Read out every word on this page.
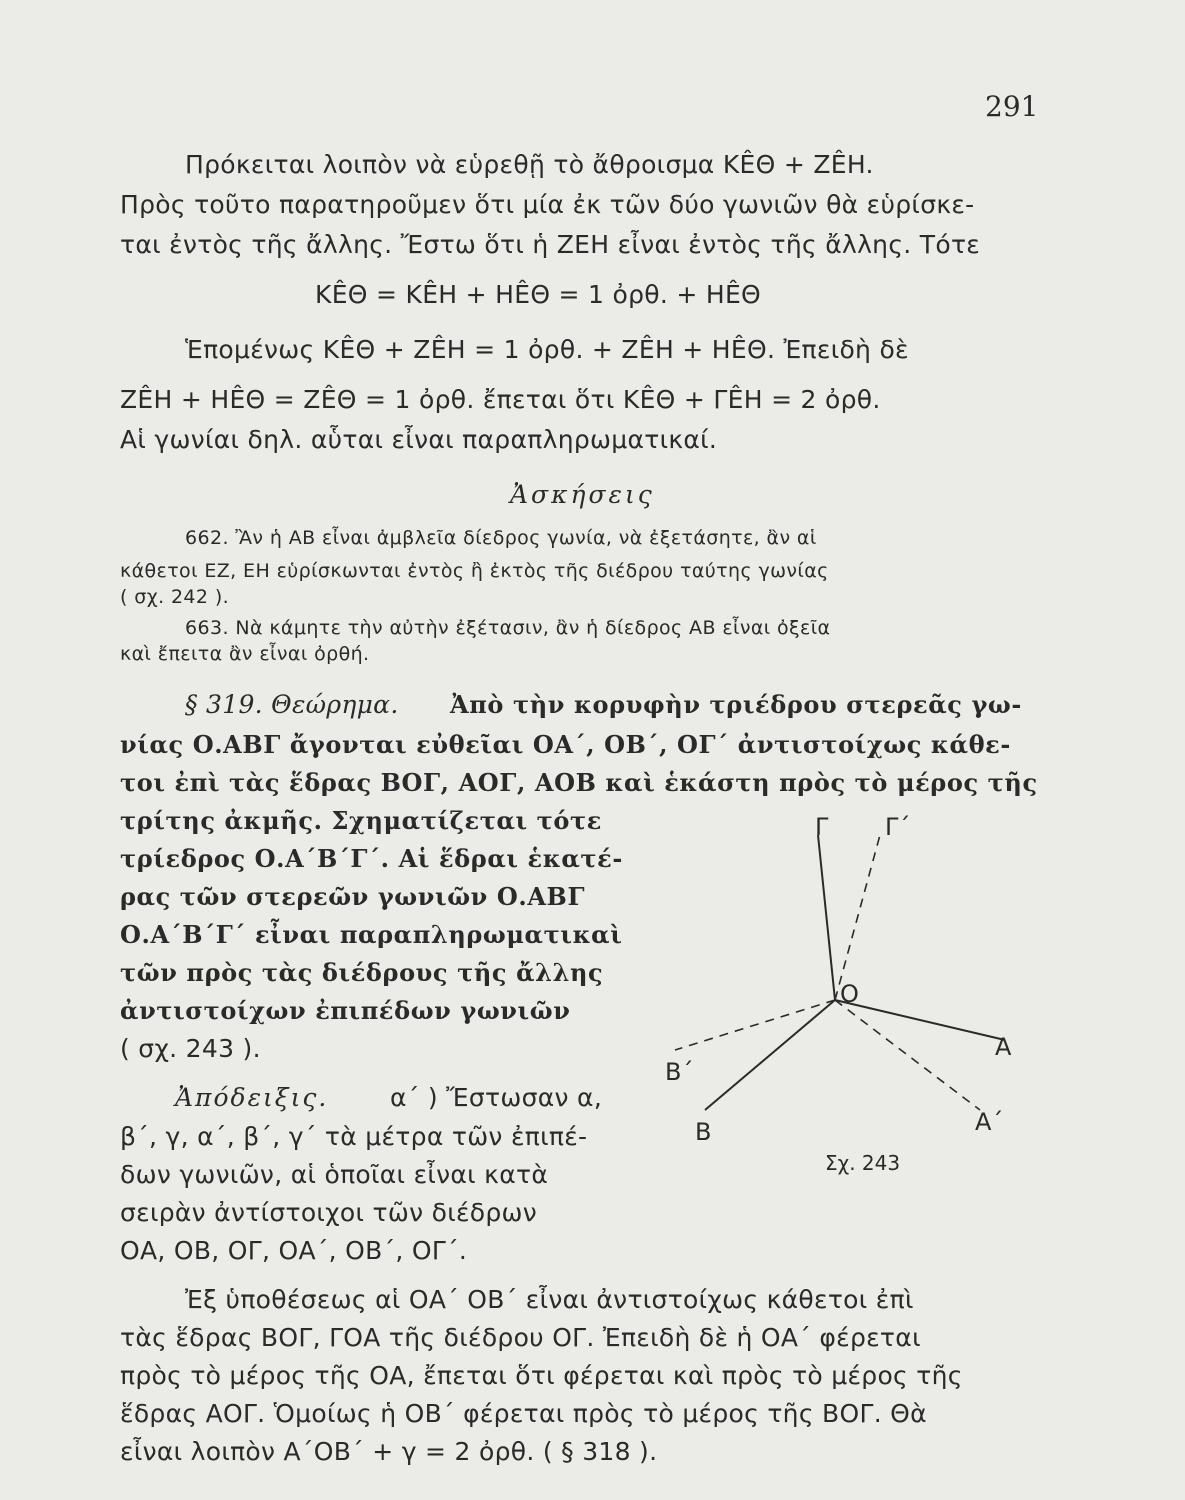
291
Πρόκειται λοιπὸν νὰ εὑρεθῇ τὸ ἄθροισμα KÊΘ + ZÊH.
Πρὸς τοῦτο παρατηροῦμεν ὅτι μία ἐκ τῶν δύο γωνιῶν θὰ εὑρίσκε-
ται ἐντὸς τῆς ἄλλης. Ἔστω ὅτι ἡ ZEH εἶναι ἐντὸς τῆς ἄλλης. Τότε
KÊΘ = KÊH + HÊΘ = 1 ὀρθ. + HÊΘ
Ἑπομένως KÊΘ + ZÊH = 1 ὀρθ. + ZÊH + HÊΘ. Ἐπειδὴ δὲ
ZÊH + HÊΘ = ZÊΘ = 1 ὀρθ. ἔπεται ὅτι KÊΘ + ΓÊH = 2 ὀρθ.
Αἱ γωνίαι δηλ. αὗται εἶναι παραπληρωματικαί.
Ἀσκήσεις
662. Ἂν ἡ AB εἶναι ἀμβλεῖα δίεδρος γωνία, νὰ ἐξετάσητε, ἂν αἱ
κάθετοι EZ, EH εὑρίσκωνται ἐντὸς ἢ ἐκτὸς τῆς διέδρου ταύτης γωνίας
( σχ. 242 ).
663. Νὰ κάμητε τὴν αὐτὴν ἐξέτασιν, ἂν ἡ δίεδρος AB εἶναι ὀξεῖα
καὶ ἔπειτα ἂν εἶναι ὀρθή.
§ 319. Θεώρημα. Ἀπὸ τὴν κορυφὴν τριέδρου στερεᾶς γω-
νίας Ο.ΑΒΓ ἄγονται εὐθεῖαι ΟΑ΄, ΟΒ΄, ΟΓ΄ ἀντιστοίχως κάθε-
τοι ἐπὶ τὰς ἕδρας ΒΟΓ, ΑΟΓ, ΑΟΒ καὶ ἑκάστη πρὸς τὸ μέρος τῆς
τρίτης ἀκμῆς. Σχηματίζεται τότε
τρίεδρος Ο.Α΄Β΄Γ΄. Αἱ ἕδραι ἑκατέ-
ρας τῶν στερεῶν γωνιῶν Ο.ΑΒΓ
Ο.Α΄Β΄Γ΄ εἶναι παραπληρωματικαὶ
τῶν πρὸς τὰς διέδρους τῆς ἄλλης
ἀντιστοίχων ἐπιπέδων γωνιῶν
( σχ. 243 ).
Ἀπόδειξις. α΄ ) Ἔστωσαν α,
β΄, γ, α΄, β΄, γ΄ τὰ μέτρα τῶν ἐπιπέ-
δων γωνιῶν, αἱ ὁποῖαι εἶναι κατὰ
σειρὰν ἀντίστοιχοι τῶν διέδρων
ΟΑ, ΟΒ, ΟΓ, ΟΑ΄, ΟΒ΄, ΟΓ΄.
Ἐξ ὑποθέσεως αἱ ΟΑ΄ ΟΒ΄ εἶναι ἀντιστοίχως κάθετοι ἐπὶ
τὰς ἕδρας ΒΟΓ, ΓΟΑ τῆς διέδρου ΟΓ. Ἐπειδὴ δὲ ἡ ΟΑ΄ φέρεται
πρὸς τὸ μέρος τῆς ΟΑ, ἔπεται ὅτι φέρεται καὶ πρὸς τὸ μέρος τῆς
ἕδρας ΑΟΓ. Ὁμοίως ἡ ΟΒ΄ φέρεται πρὸς τὸ μέρος τῆς ΒΟΓ. Θὰ
εἶναι λοιπὸν Α΄ΟΒ΄ + γ = 2 ὀρθ. ( § 318 ).
Γ Γ΄
O
A
A΄
B
B΄
Σχ. 243
